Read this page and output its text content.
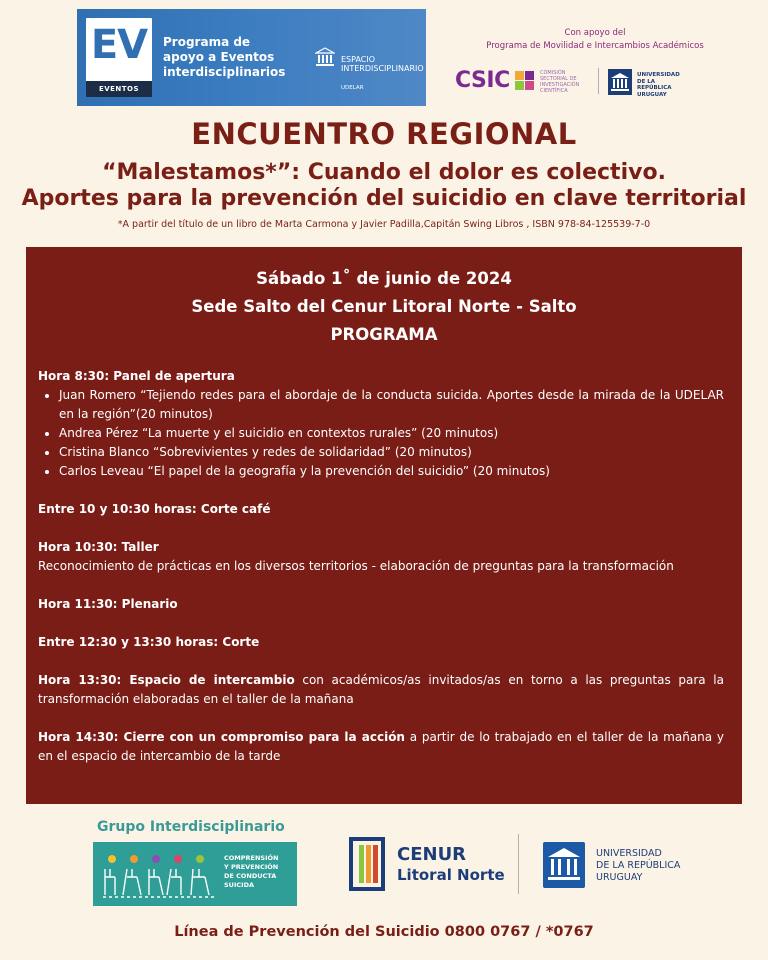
EV
EVENTOS
Programa de
apoyo a Eventos
interdisciplinarios

ESPACIO
INTERDISCIPLINARIO

UDELAR

Con apoyo del
Programa de Movilidad e Intercambios Académicos
CSIC	COMISIÓN
SECTORIAL DE
INVESTIGACIÓN
CIENTÍFICA
UNIVERSIDAD
DE LA REPÚBLICA
URUGUAY
ENCUENTRO REGIONAL
“Malestamos*”: Cuando el dolor es colectivo.
Aportes para la prevención del suicidio en clave territorial
*A partir del título de un libro de Marta Carmona y Javier Padilla,Capitán Swing Libros , ISBN 978-84-125539-7-0
Sábado 1˚ de junio de 2024
Sede Salto del Cenur Litoral Norte - Salto
PROGRAMA
Hora 8:30: Panel de apertura
• Juan Romero “Tejiendo redes para el abordaje de la conducta suicida. Aportes desde la mirada de la UDELAR en la región”(20 minutos)
• Andrea Pérez “La muerte y el suicidio en contextos rurales” (20 minutos)
• Cristina Blanco “Sobrevivientes y redes de solidaridad” (20 minutos)
• Carlos Leveau “El papel de la geografía y la prevención del suicidio” (20 minutos)
Entre 10 y 10:30 horas: Corte café
Hora 10:30: Taller
Reconocimiento de prácticas en los diversos territorios - elaboración de preguntas para la transformación
Hora 11:30: Plenario
Entre 12:30 y 13:30 horas: Corte
Hora 13:30: Espacio de intercambio con académicos/as invitados/as en torno a las preguntas para la transformación elaboradas en el taller de la mañana
Hora 14:30: Cierre con un compromiso para la acción a partir de lo trabajado en el taller de la mañana y en el espacio de intercambio de la tarde
Grupo Interdisciplinario
COMPRENSIÓN
Y PREVENCIÓN
DE CONDUCTA
SUICIDA
CENUR
Litoral Norte
UNIVERSIDAD
DE LA REPÚBLICA
URUGUAY
Línea de Prevención del Suicidio 0800 0767 / *0767
